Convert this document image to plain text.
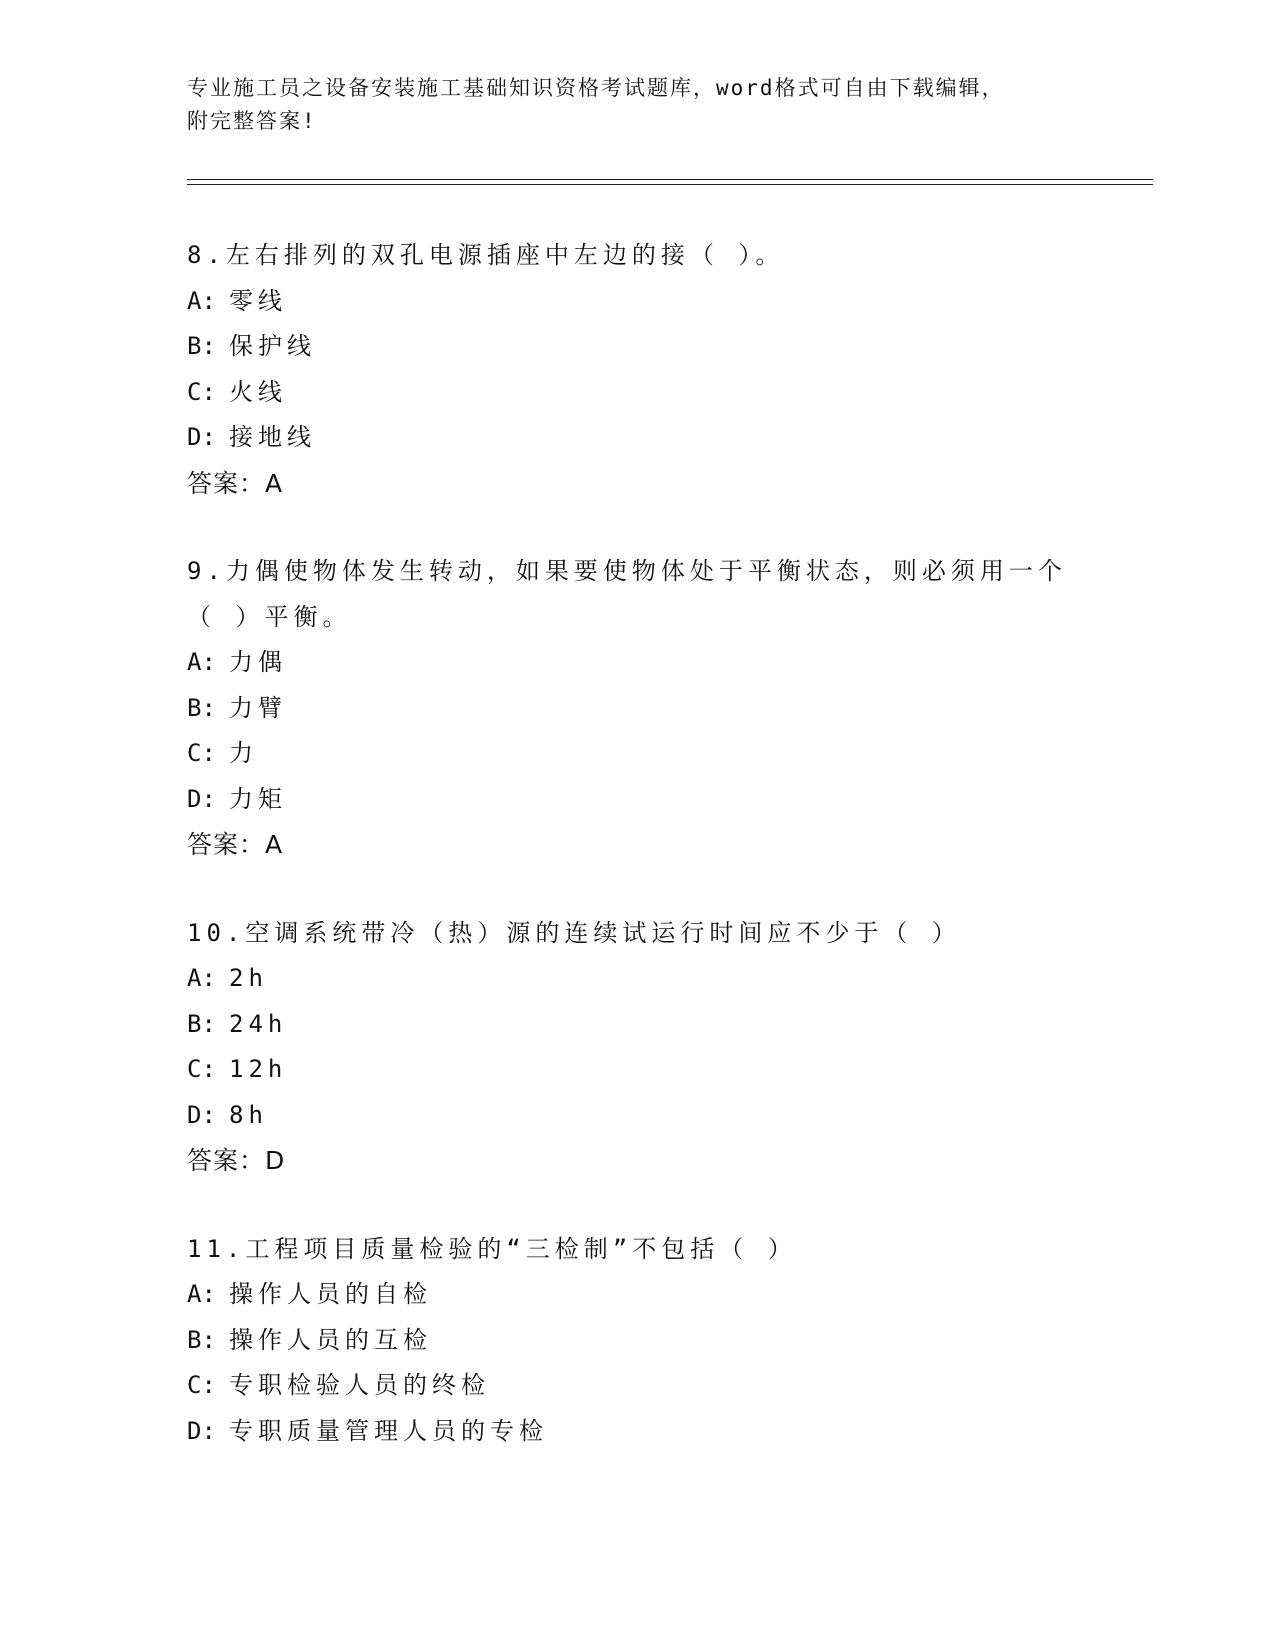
专业施工员之设备安装施工基础知识资格考试题库，word格式可自由下载编辑，
附完整答案!
8.左右排列的双孔电源插座中左边的接（ ）。
A: 零线
B: 保护线
C: 火线
D: 接地线
答案：A
9.力偶使物体发生转动，如果要使物体处于平衡状态，则必须用一个
（ ）平衡。
A: 力偶
B: 力臂
C: 力
D: 力矩
答案：A
10.空调系统带冷（热）源的连续试运行时间应不少于（ ）
A: 2h
B: 24h
C: 12h
D: 8h
答案：D
11.工程项目质量检验的“三检制”不包括（ ）
A: 操作人员的自检
B: 操作人员的互检
C: 专职检验人员的终检
D: 专职质量管理人员的专检
